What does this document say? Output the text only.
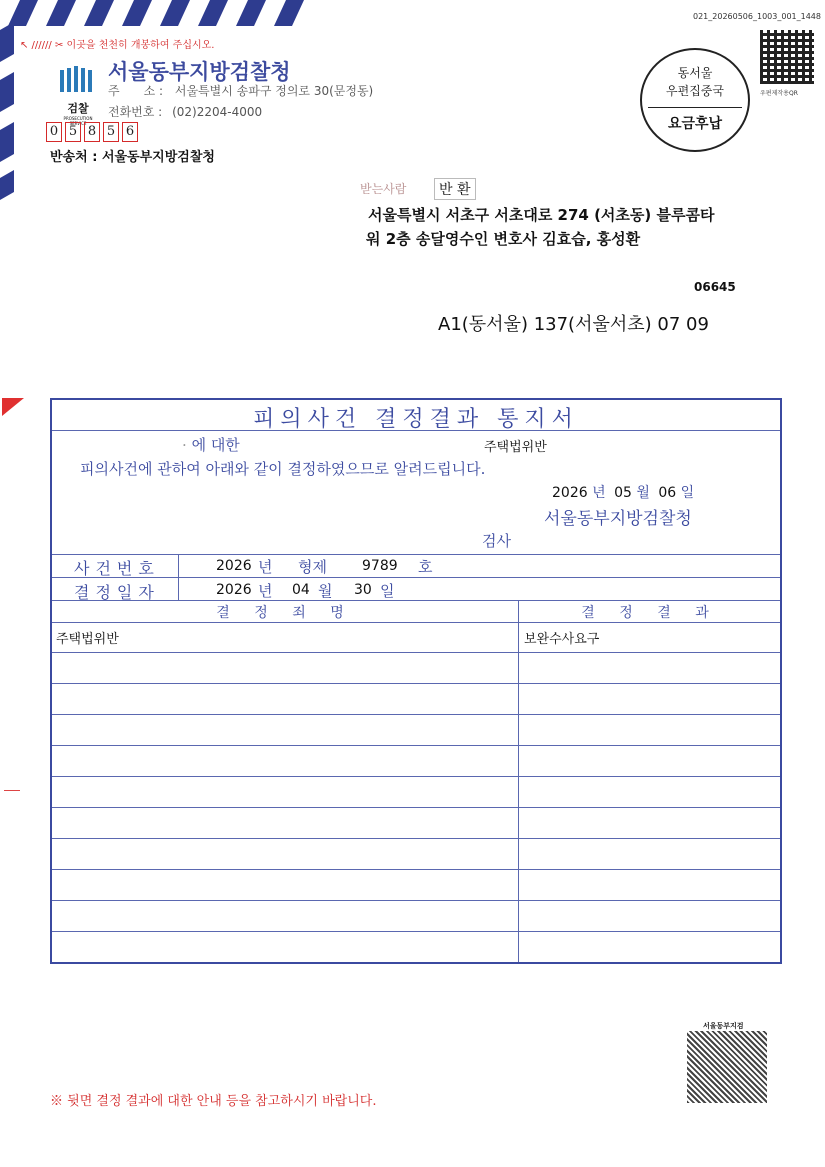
↖ ////// ✂ 이곳을 천천히 개봉하여 주십시오.
021_20260506_1003_001_1448
검찰
PROSECUTION SERVICE
서울동부지방검찰청
주　　소 : 서울특별시 송파구 정의로 30(문정동)
전화번호 : (02)2204-4000
0 5 8 5 6
반송처 : 서울동부지방검찰청
동서울
우편집중국
요금후납
우편제작용QR
받는사람	반 환
서울특별시 서초구 서초대로 274 (서초동) 블루콤타
워 2층 송달영수인 변호사 김효습, 홍성환
06645
A1(동서울) 137(서울서초) 07 09
피의사건 결정결과 통지서
· 에 대한	주택법위반
피의사건에 관하여 아래와 같이 결정하였으므로 알려드립니다.
2026 년 05 월 06 일
서울동부지방검찰청
검사
사건번호	2026 년 형제	9789 호
결정일자	2026 년 04 월 30 일
결 정 죄 명	결 정 결 과
주택법위반	보완수사요구
서울동부지검
※ 뒷면 결정 결과에 대한 안내 등을 참고하시기 바랍니다.
